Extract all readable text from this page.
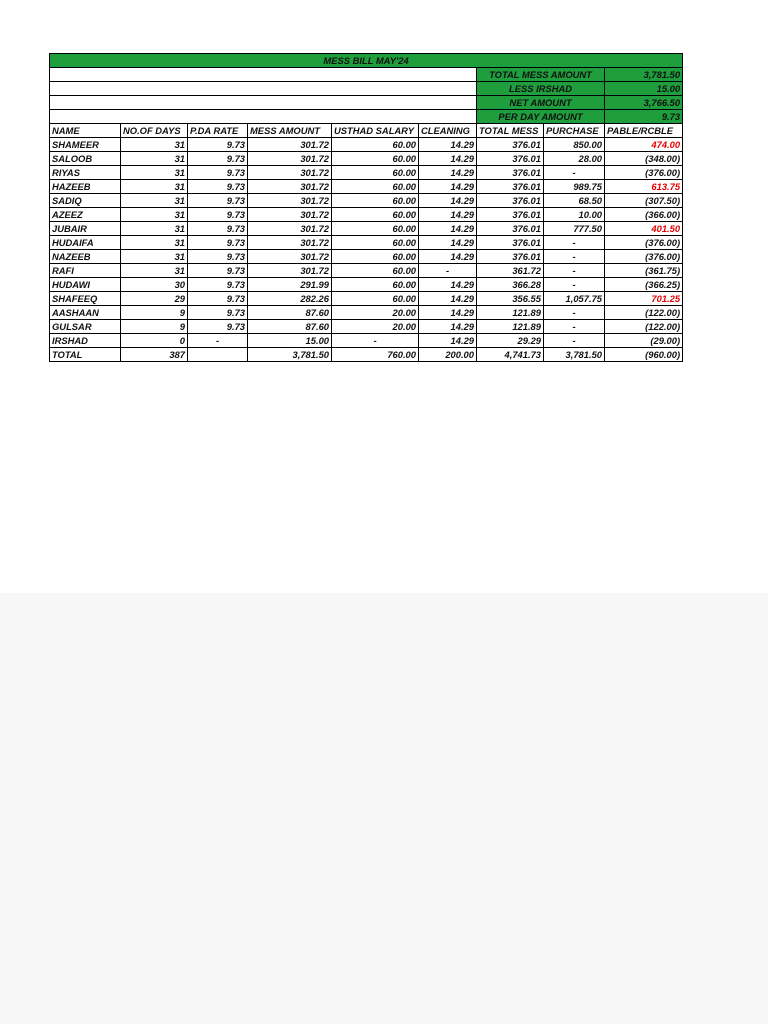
MESS BILL MAY'24								
						TOTAL MESS AMOUNT		3,781.50
						LESS IRSHAD		15.00
						NET AMOUNT		3,766.50
						PER DAY AMOUNT		9.73
NAME	NO.OF DAYS	P.DA RATE	MESS AMOUNT	USTHAD SALARY	CLEANING	TOTAL MESS	PURCHASE	PABLE/RCBLE
SHAMEER	31	9.73	301.72	60.00	14.29	376.01	850.00	474.00
SALOOB	31	9.73	301.72	60.00	14.29	376.01	28.00	(348.00)
RIYAS	31	9.73	301.72	60.00	14.29	376.01	-	(376.00)
HAZEEB	31	9.73	301.72	60.00	14.29	376.01	989.75	613.75
SADIQ	31	9.73	301.72	60.00	14.29	376.01	68.50	(307.50)
AZEEZ	31	9.73	301.72	60.00	14.29	376.01	10.00	(366.00)
JUBAIR	31	9.73	301.72	60.00	14.29	376.01	777.50	401.50
HUDAIFA	31	9.73	301.72	60.00	14.29	376.01	-	(376.00)
NAZEEB	31	9.73	301.72	60.00	14.29	376.01	-	(376.00)
RAFI	31	9.73	301.72	60.00	-	361.72	-	(361.75)
HUDAWI	30	9.73	291.99	60.00	14.29	366.28	-	(366.25)
SHAFEEQ	29	9.73	282.26	60.00	14.29	356.55	1,057.75	701.25
AASHAAN	9	9.73	87.60	20.00	14.29	121.89	-	(122.00)
GULSAR	9	9.73	87.60	20.00	14.29	121.89	-	(122.00)
IRSHAD	0	-	15.00	-	14.29	29.29	-	(29.00)
TOTAL	387		3,781.50	760.00	200.00	4,741.73	3,781.50	(960.00)
